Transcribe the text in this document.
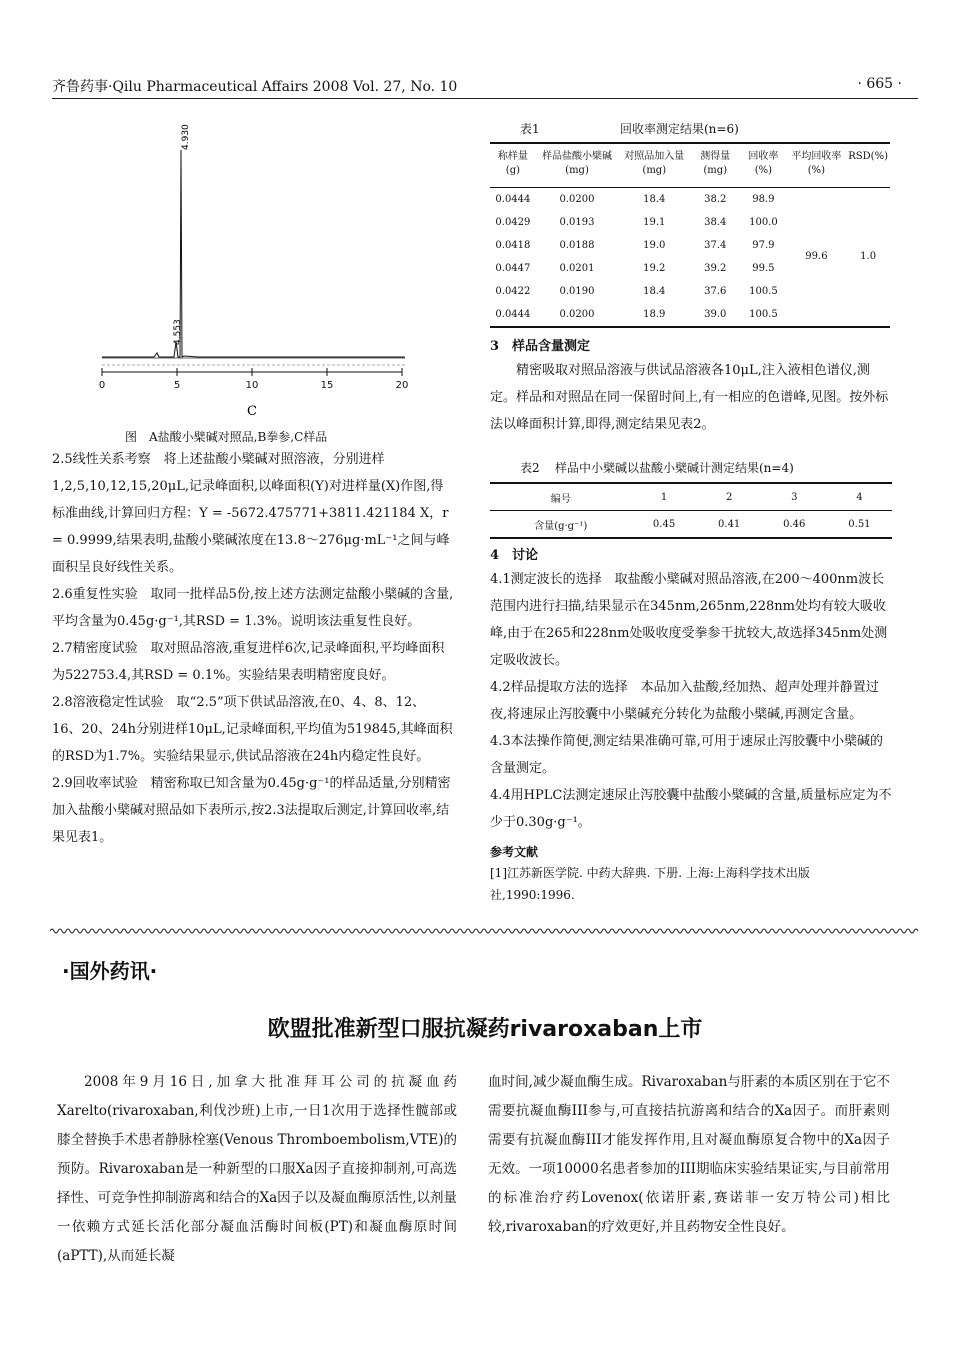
齐鲁药事·Qilu Pharmaceutical Affairs 2008 Vol. 27, No. 10	· 665 ·
0	5	10	15	20
4.930
4.553
C
图　A盐酸小檗碱对照品,B拳参,C样品

2.5线性关系考察　将上述盐酸小檗碱对照溶液，分别进样1,2,5,10,12,15,20μL,记录峰面积,以峰面积(Y)对进样量(X)作图,得标准曲线,计算回归方程：Y = -5672.475771+3811.421184 X，r = 0.9999,结果表明,盐酸小檗碱浓度在13.8～276μg·mL⁻¹之间与峰面积呈良好线性关系。

2.6重复性实验　取同一批样品5份,按上述方法测定盐酸小檗碱的含量,平均含量为0.45g·g⁻¹,其RSD = 1.3%。说明该法重复性良好。

2.7精密度试验　取对照品溶液,重复进样6次,记录峰面积,平均峰面积为522753.4,其RSD = 0.1%。实验结果表明精密度良好。

2.8溶液稳定性试验　取“2.5”项下供试品溶液,在0、4、8、12、16、20、24h分别进样10μL,记录峰面积,平均值为519845,其峰面积的RSD为1.7%。实验结果显示,供试品溶液在24h内稳定性良好。

2.9回收率试验　精密称取已知含量为0.45g·g⁻¹的样品适量,分别精密加入盐酸小檗碱对照品如下表所示,按2.3法提取后测定,计算回收率,结果见表1。

表1	回收率测定结果(n=6)
称样量(g)	样品盐酸小檗碱(mg)	对照品加入量(mg)	测得量(mg)	回收率(%)	平均回收率(%)	RSD(%)
0.0444	0.0200	18.4	38.2	98.9	99.6	1.0
0.0429	0.0193	19.1	38.4	100.0		
0.0418	0.0188	19.0	37.4	97.9		
0.0447	0.0201	19.2	39.2	99.5		
0.0422	0.0190	18.4	37.6	100.5		
0.0444	0.0200	18.9	39.0	100.5		
3　样品含量测定
精密吸取对照品溶液与供试品溶液各10μL,注入液相色谱仪,测定。样品和对照品在同一保留时间上,有一相应的色谱峰,见图。按外标法以峰面积计算,即得,测定结果见表2。
表2 样品中小檗碱以盐酸小檗碱计测定结果(n=4)
编号	1	2	3	4
含量(g·g⁻¹)	0.45	0.41	0.46	0.51
4　讨论

4.1测定波长的选择　取盐酸小檗碱对照品溶液,在200～400nm波长范围内进行扫描,结果显示在345nm,265nm,228nm处均有较大吸收峰,由于在265和228nm处吸收度受拳参干扰较大,故选择345nm处测定吸收波长。

4.2样品提取方法的选择　本品加入盐酸,经加热、超声处理并静置过夜,将速尿止泻胶囊中小檗碱充分转化为盐酸小檗碱,再测定含量。

4.3本法操作简便,测定结果准确可靠,可用于速尿止泻胶囊中小檗碱的含量测定。

4.4用HPLC法测定速尿止泻胶囊中盐酸小檗碱的含量,质量标应定为不少于0.30g·g⁻¹。

参考文献
[1]江苏新医学院. 中药大辞典. 下册. 上海:上海科学技术出版社,1990:1996.
·国外药讯·
欧盟批准新型口服抗凝药rivaroxaban上市

2008年9月16日,加拿大批准拜耳公司的抗凝血药Xarelto(rivaroxaban,利伐沙班)上市,一日1次用于选择性髋部或膝全替换手术患者静脉栓塞(Venous Thromboembolism,VTE)的预防。Rivaroxaban是一种新型的口服Xa因子直接抑制剂,可高选择性、可竞争性抑制游离和结合的Xa因子以及凝血酶原活性,以剂量一依赖方式延长活化部分凝血活酶时间板(PT)和凝血酶原时间(aPTT),从而延长凝

血时间,减少凝血酶生成。Rivaroxaban与肝素的本质区别在于它不需要抗凝血酶III参与,可直接拮抗游离和结合的Xa因子。而肝素则需要有抗凝血酶III才能发挥作用,且对凝血酶原复合物中的Xa因子无效。一项10000名患者参加的III期临床实验结果证实,与目前常用的标准治疗药Lovenox(依诺肝素,赛诺菲一安万特公司)相比较,rivaroxaban的疗效更好,并且药物安全性良好。
